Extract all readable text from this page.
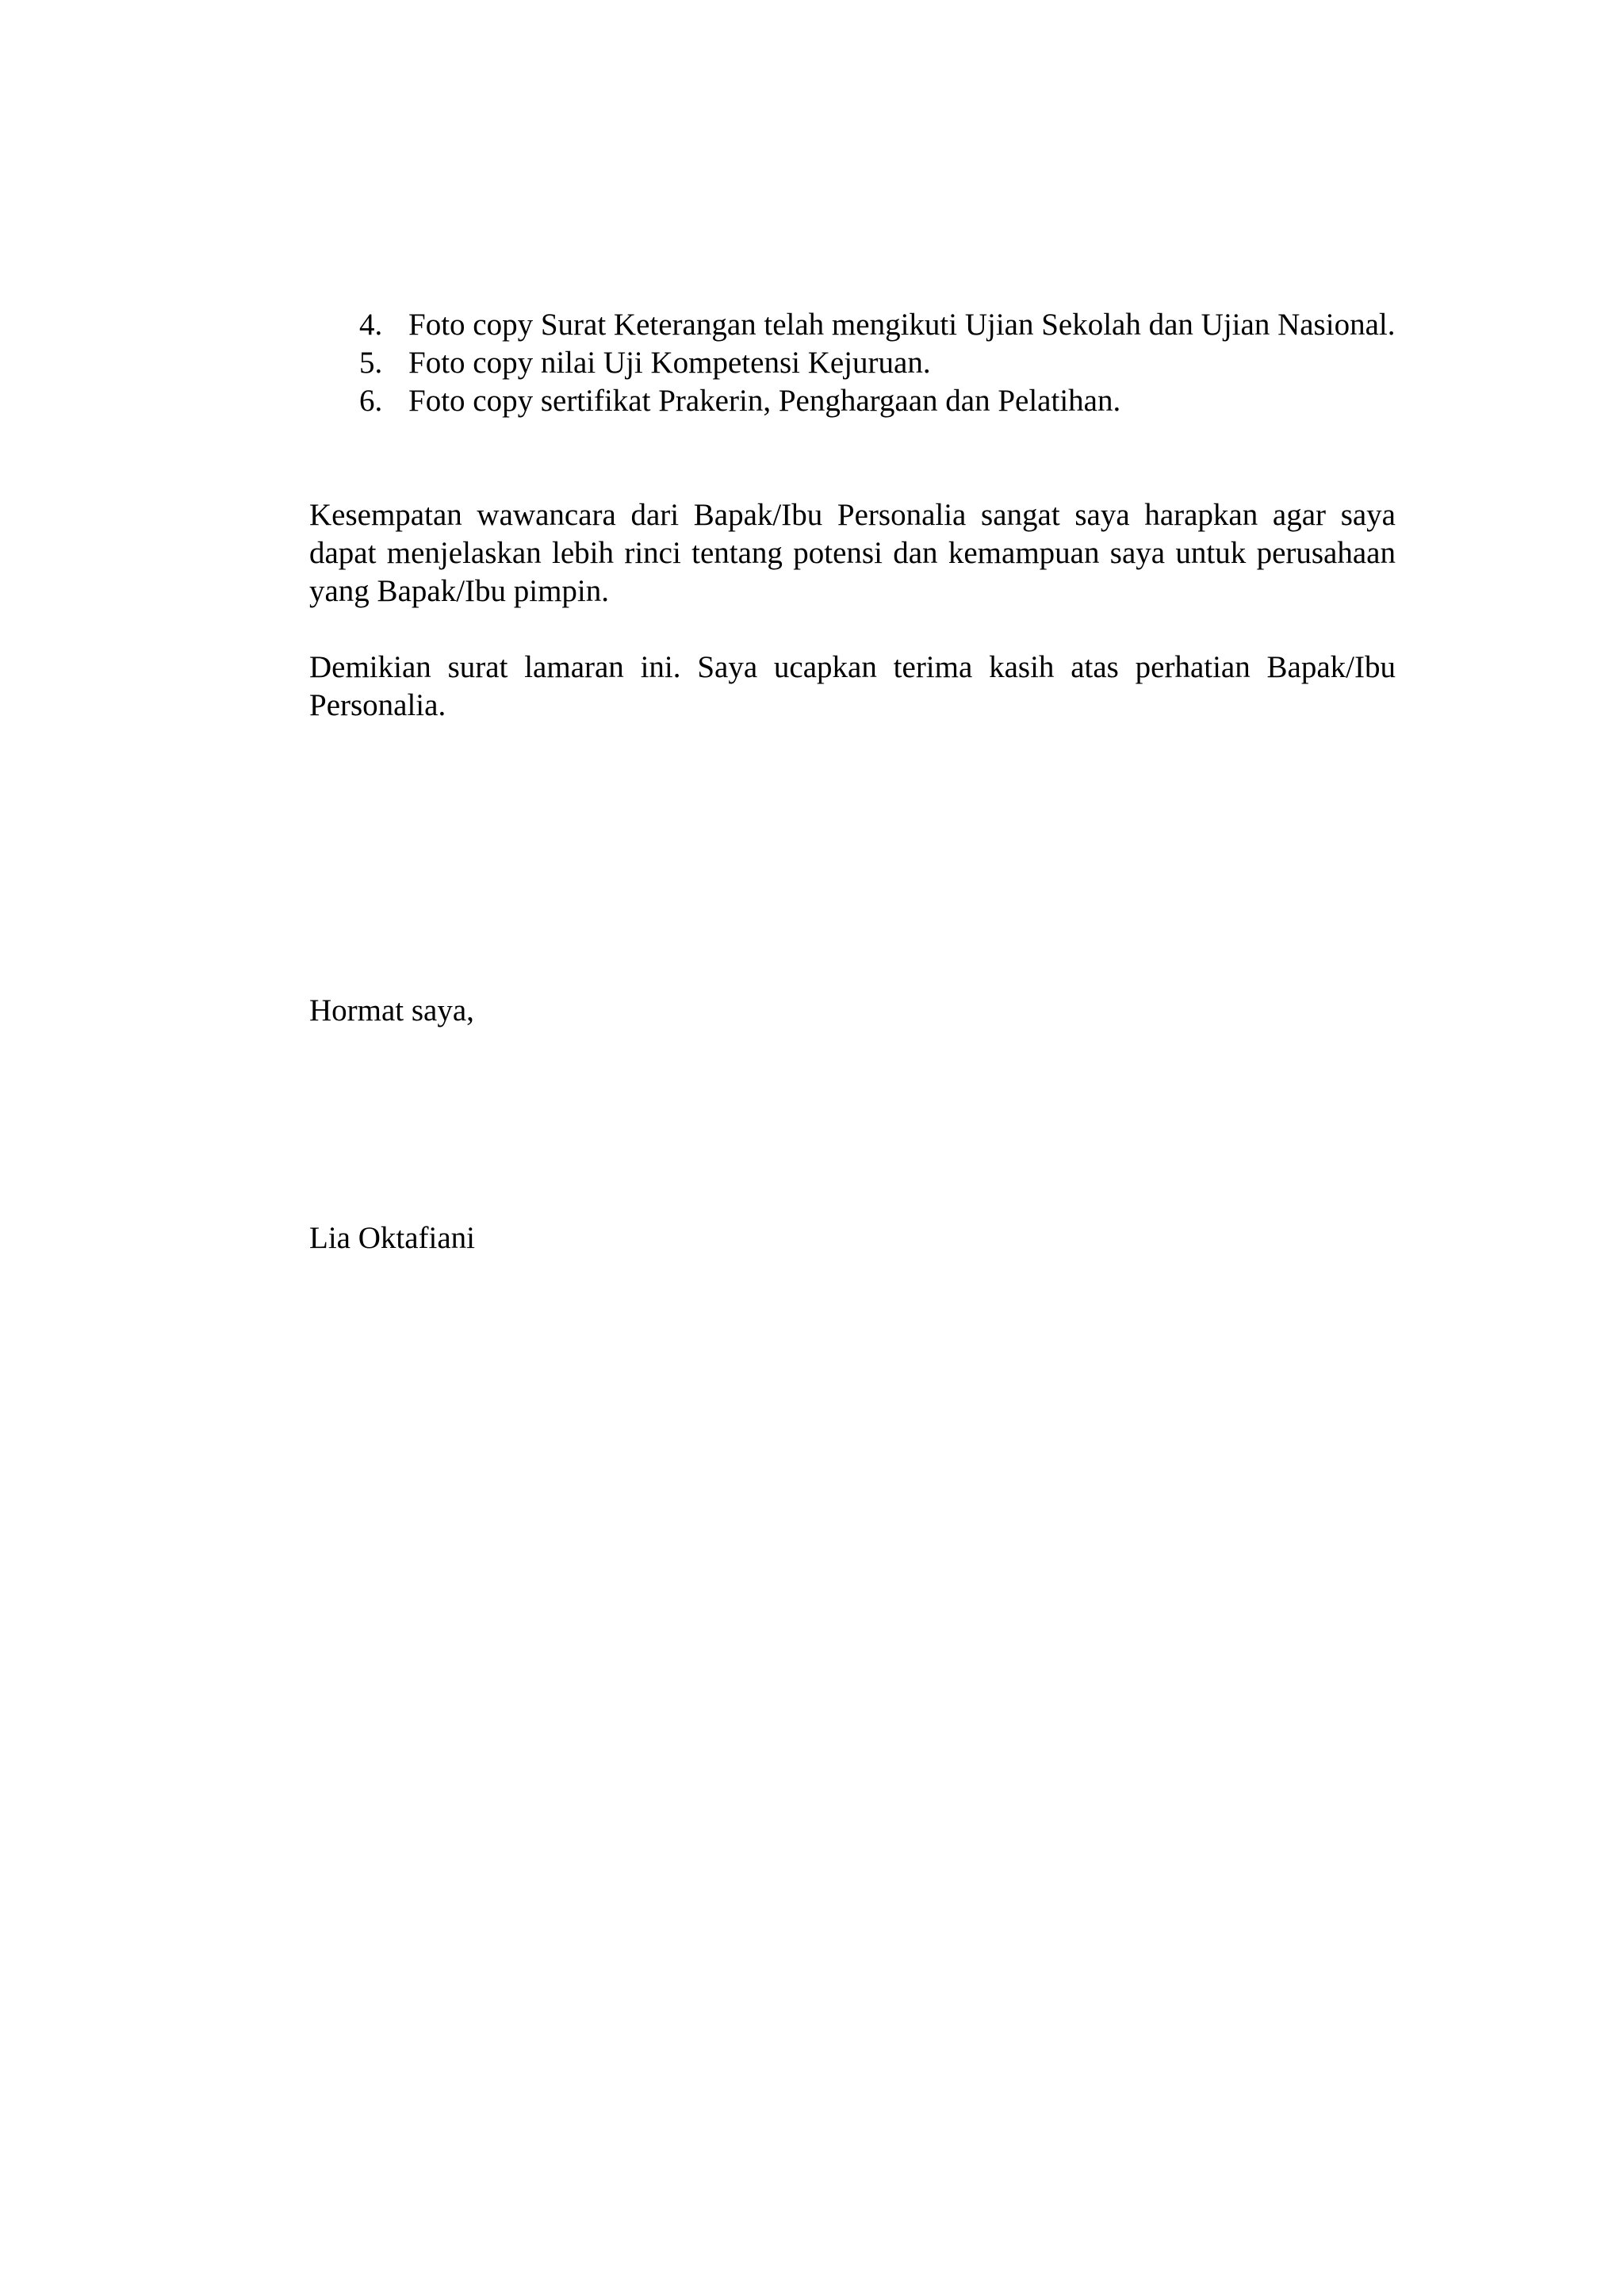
4. Foto copy Surat Keterangan telah mengikuti Ujian Sekolah dan Ujian Nasional.
5. Foto copy nilai Uji Kompetensi Kejuruan.
6. Foto copy sertifikat Prakerin, Penghargaan dan Pelatihan.
Kesempatan wawancara dari Bapak/Ibu Personalia sangat saya harapkan agar saya dapat menjelaskan lebih rinci tentang potensi dan kemampuan saya untuk perusahaan yang Bapak/Ibu pimpin.
Demikian surat lamaran ini. Saya ucapkan terima kasih atas perhatian Bapak/Ibu Personalia.
Hormat saya,
Lia Oktafiani
